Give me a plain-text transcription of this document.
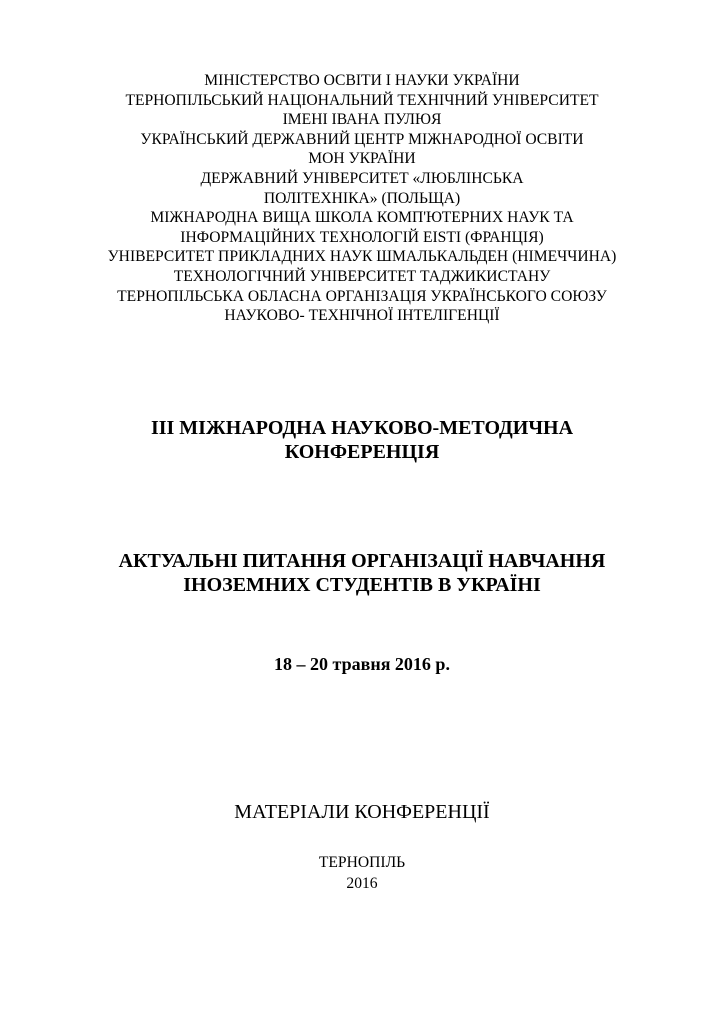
МІНІСТЕРСТВО ОСВІТИ І НАУКИ УКРАЇНИ
ТЕРНОПІЛЬСЬКИЙ НАЦІОНАЛЬНИЙ ТЕХНІЧНИЙ УНІВЕРСИТЕТ
ІМЕНІ ІВАНА ПУЛЮЯ
УКРАЇНСЬКИЙ ДЕРЖАВНИЙ ЦЕНТР МІЖНАРОДНОЇ ОСВІТИ
МОН УКРАЇНИ
ДЕРЖАВНИЙ УНІВЕРСИТЕТ «ЛЮБЛІНСЬКА
ПОЛІТЕХНІКА» (ПОЛЬЩА)
МІЖНАРОДНА ВИЩА ШКОЛА КОМП'ЮТЕРНИХ НАУК ТА
ІНФОРМАЦІЙНИХ ТЕХНОЛОГІЙ EISTI (ФРАНЦІЯ)
УНІВЕРСИТЕТ ПРИКЛАДНИХ НАУК ШМАЛЬКАЛЬДЕН (НІМЕЧЧИНА)
ТЕХНОЛОГІЧНИЙ УНІВЕРСИТЕТ ТАДЖИКИСТАНУ
ТЕРНОПІЛЬСЬКА ОБЛАСНА ОРГАНІЗАЦІЯ УКРАЇНСЬКОГО СОЮЗУ
НАУКОВО- ТЕХНІЧНОЇ ІНТЕЛІГЕНЦІЇ
ІІІ МІЖНАРОДНА НАУКОВО-МЕТОДИЧНА
КОНФЕРЕНЦІЯ
АКТУАЛЬНІ ПИТАННЯ ОРГАНІЗАЦІЇ НАВЧАННЯ
ІНОЗЕМНИХ СТУДЕНТІВ В УКРАЇНІ
18 – 20 травня 2016 р.
МАТЕРІАЛИ КОНФЕРЕНЦІЇ
ТЕРНОПІЛЬ
2016
